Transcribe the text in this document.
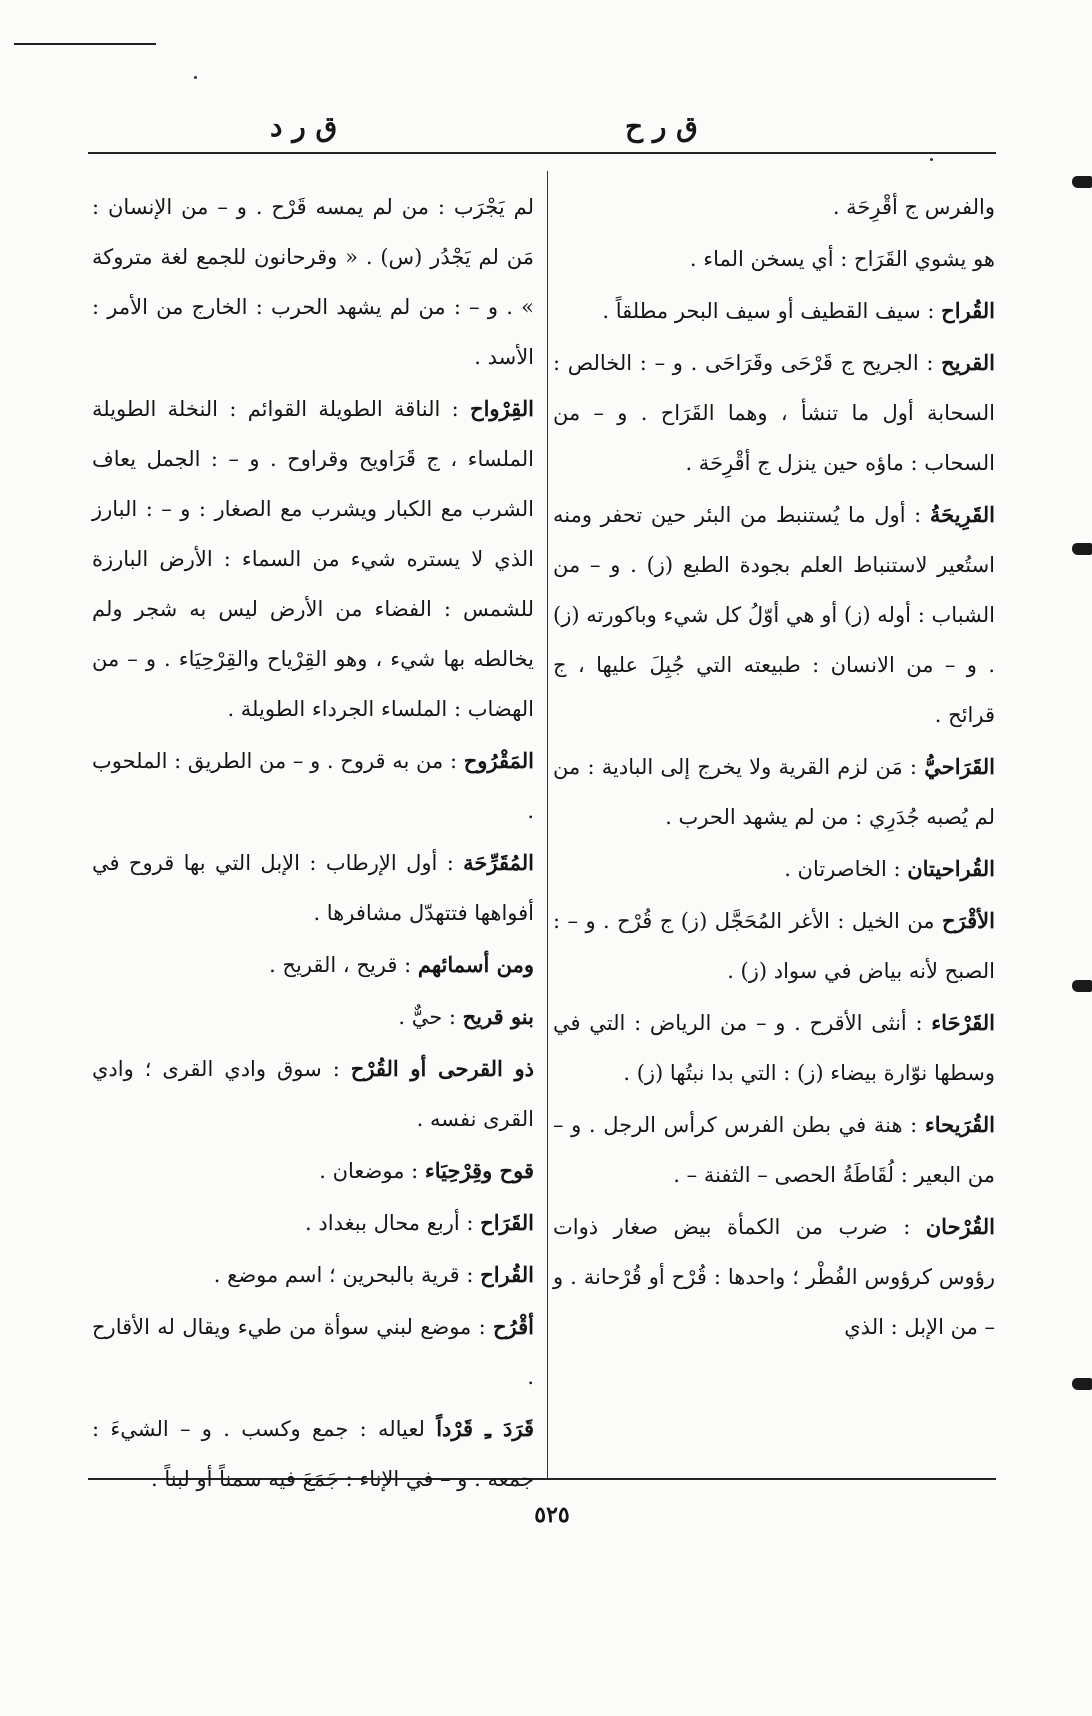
ق ر ح
ق ر د

والفرس ج أقْرِحَة .

هو يشوي القَرَاح : أي يسخن الماء .

القُراح : سيف القطيف أو سيف البحر مطلقاً .

القريح : الجريح ج قَرْحَى وقَرَاحَى . و – : الخالص : السحابة أول ما تنشأ ، وهما القَرَاح . و – من السحاب : ماؤه حين ينزل ج أقْرِحَة .

القَرِيحَةُ : أول ما يُستنبط من البئر حين تحفر ومنه استُعير لاستنباط العلم بجودة الطبع (ز) . و – من الشباب : أوله (ز) أو هي أوّلُ كل شيء وباكورته (ز) . و – من الانسان : طبيعته التي جُبِلَ عليها ، ج قرائح .

القَرَاحيُّ : مَن لزم القرية ولا يخرج إلى البادية : من لم يُصبه جُدَرِي : من لم يشهد الحرب .

القُراحيتان : الخاصرتان .

الأقْرَح من الخيل : الأغر المُحَجَّل (ز) ج قُرْح . و – : الصبح لأنه بياض في سواد (ز) .

القَرْحَاء : أنثى الأقرح . و – من الرياض : التي في وسطها نوّارة بيضاء (ز) : التي بدا نبتُها (ز) .

القُرَيحاء : هنة في بطن الفرس كرأس الرجل . و – من البعير : لُقَاطَةُ الحصى – الثفنة – .

القُرْحان : ضرب من الكمأة بيض صغار ذوات رؤوس كرؤوس الفُطْر ؛ واحدها : قُرْح أو قُرْحانة . و – من الإبل : الذي

لم يَجْرَب : من لم يمسه قَرْح . و – من الإنسان : مَن لم يَجْدُر (س) . « وقرحانون للجمع لغة متروكة » . و – : من لم يشهد الحرب : الخارج من الأمر : الأسد .

القِرْواح : الناقة الطويلة القوائم : النخلة الطويلة الملساء ، ج قَرَاويح وقراوح . و – : الجمل يعاف الشرب مع الكبار ويشرب مع الصغار : و – : البارز الذي لا يستره شيء من السماء : الأرض البارزة للشمس : الفضاء من الأرض ليس به شجر ولم يخالطه بها شيء ، وهو القِرْياح والقِرْحِيَاء . و – من الهضاب : الملساء الجرداء الطويلة .

المَقْرُوح : من به قروح . و – من الطريق : الملحوب .

المُقَرِّحَة : أول الإرطاب : الإبل التي بها قروح في أفواهها فتتهدّل مشافرها .

ومن أسمائهم : قريح ، القريح .

بنو قريح : حيٌّ .

ذو القرحى أو القُرْح : سوق وادي القرى ؛ وادي القرى نفسه .

قوح وقِرْحِيَاء : موضعان .

القَرَاح : أربع محال ببغداد .

القُراح : قرية بالبحرين ؛ اسم موضع .

أقْرُح : موضع لبني سوأة من طيء ويقال له الأقارح .

قَرَدَ ـِ قَرْداً لعياله : جمع وكسب . و – الشيءَ : جمعه . و – في الإناء : جَمَعَ فيه سمناً أو لبناً .

٥٢٥
